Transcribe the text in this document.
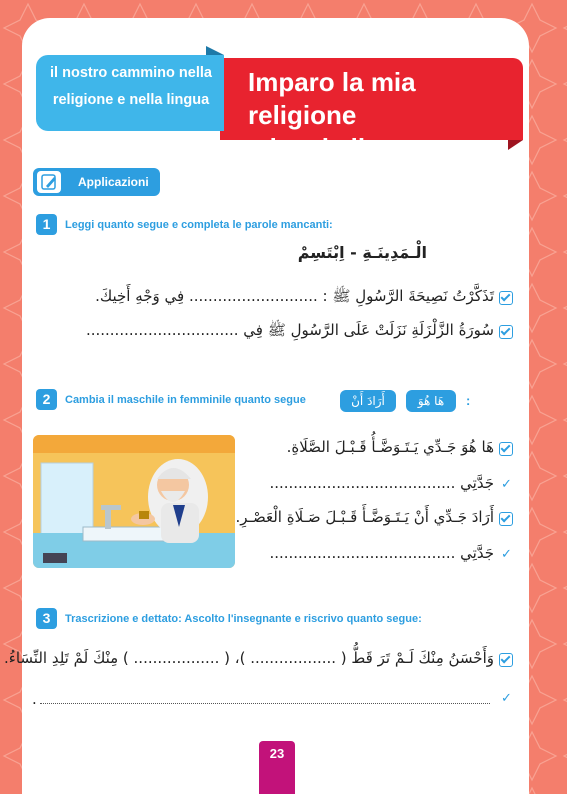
il nostro cammino nella
religione e nella lingua
Imparo la mia religione
e la mia lingua
Applicazioni
1	Leggi quanto segue e completa le parole mancanti:
الْـمَدِينَـةِ - اِبْتَسِمْ
تَذَكَّرْتُ نَصِيحَةَ الرَّسُولِ ﷺ : ........................... فِي وَجْهِ أَخِيكَ.
سُورَةُ الزَّلْزَلَةِ نَزَلَتْ عَلَى الرَّسُولِ ﷺ فِي ................................
2	Cambia il maschile in femminile quanto segue	أَرَادَ أَنْ	هَا هُوَ	:
هَا هُوَ جَـدِّي يَـتَـوَضَّـأُ قَـبْـلَ الصَّلَاةِ.
✓
جَدَّتِي .......................................
أَرَادَ جَـدِّي أَنْ يَـتَـوَضَّـأَ قَـبْـلَ صَـلَاةِ الْعَصْـرِ.
✓
جَدَّتِي .......................................
3	Trascrizione e dettato: Ascolto l'insegnante e riscrivo quanto segue:
وَأَحْسَنُ مِنْكَ لَـمْ تَرَ قَطُّ ( .................. )، ( .................. ) مِنْكَ لَمْ تَلِدِ النِّسَاءُ.
✓
.
23
